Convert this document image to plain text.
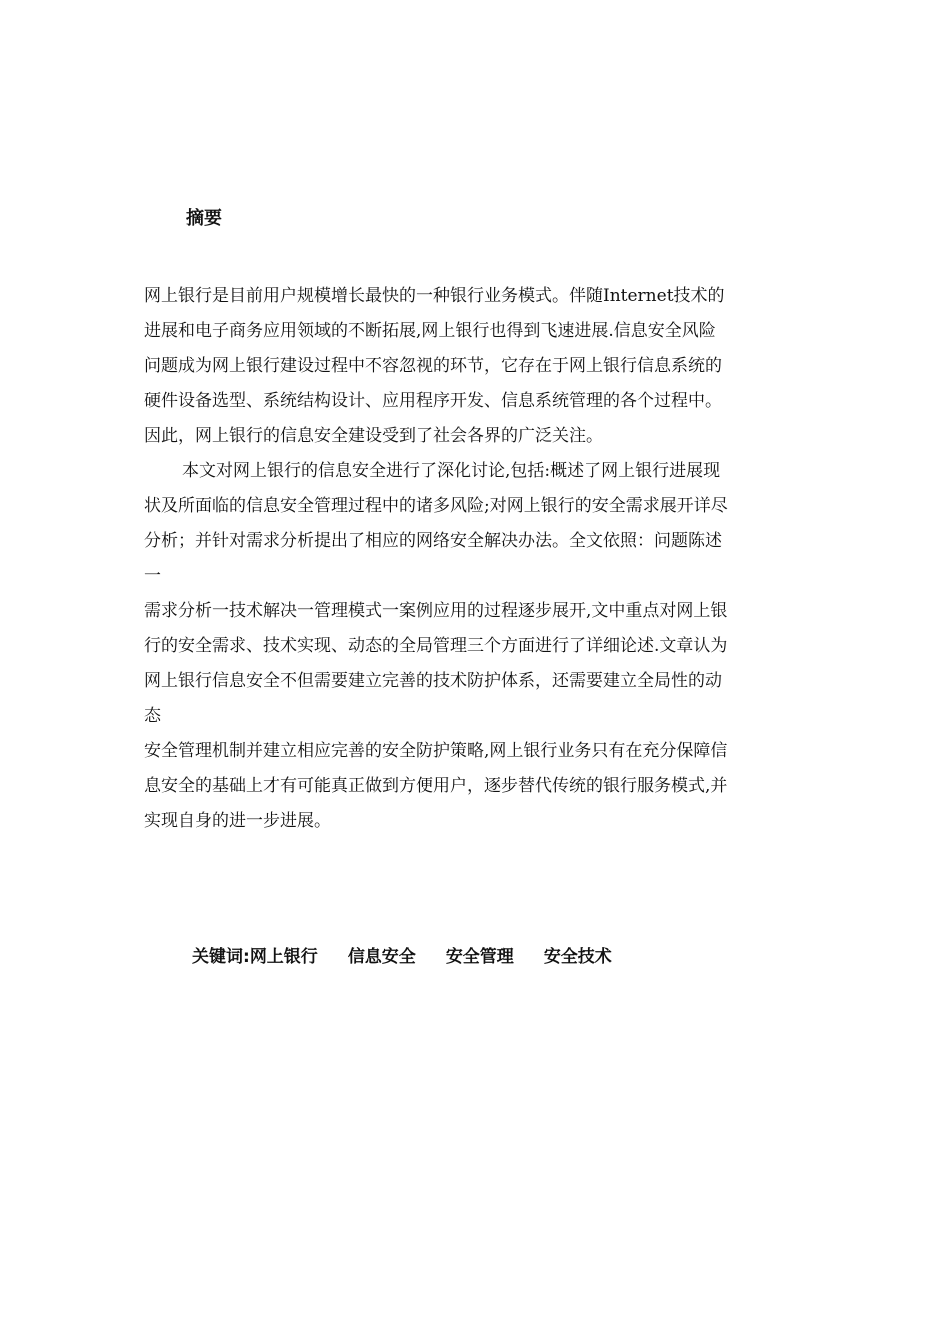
摘要
网上银行是目前用户规模增长最快的一种银行业务模式。伴随Internet技术的
进展和电子商务应用领域的不断拓展,网上银行也得到飞速进展.信息安全风险
问题成为网上银行建设过程中不容忽视的环节，它存在于网上银行信息系统的
硬件设备选型、系统结构设计、应用程序开发、信息系统管理的各个过程中。
因此，网上银行的信息安全建设受到了社会各界的广泛关注。
本文对网上银行的信息安全进行了深化讨论,包括:概述了网上银行进展现
状及所面临的信息安全管理过程中的诸多风险;对网上银行的安全需求展开详尽
分析；并针对需求分析提出了相应的网络安全解决办法。全文依照：问题陈述
一
需求分析一技术解决一管理模式一案例应用的过程逐步展开,文中重点对网上银
行的安全需求、技术实现、动态的全局管理三个方面进行了详细论述.文章认为
网上银行信息安全不但需要建立完善的技术防护体系，还需要建立全局性的动
态
安全管理机制并建立相应完善的安全防护策略,网上银行业务只有在充分保障信
息安全的基础上才有可能真正做到方便用户，逐步替代传统的银行服务模式,并
实现自身的进一步进展。
关键词:网上银行 信息安全 安全管理 安全技术
